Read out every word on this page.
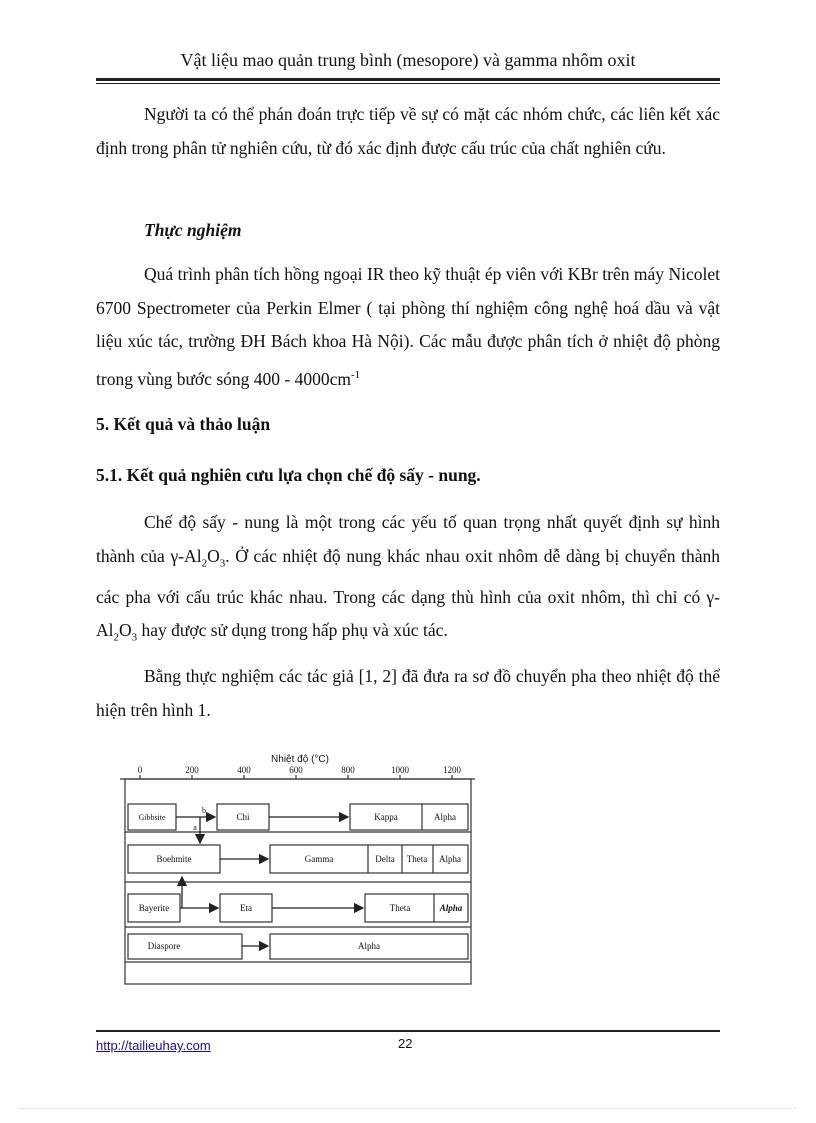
Vật liệu mao quản trung bình (mesopore) và gamma nhôm oxit
Người ta có thể phán đoán trực tiếp về sự có mặt các nhóm chức, các liên kết xác định trong phân tử nghiên cứu, từ đó xác định được cấu trúc của chất nghiên cứu.
Thực nghiệm
Quá trình phân tích hồng ngoại IR theo kỹ thuật ép viên với KBr trên máy Nicolet 6700 Spectrometer của Perkin Elmer ( tại phòng thí nghiệm công nghệ hoá dầu và vật liệu xúc tác, trường ĐH Bách khoa Hà Nội). Các mẫu được phân tích ở nhiệt độ phòng trong vùng bước sóng $400 - 4000cm^{-1}$
5. Kết quả và thảo luận
5.1. Kết quả nghiên cưu lựa chọn chế độ sấy - nung.
Chế độ sấy - nung là một trong các yếu tố quan trọng nhất quyết định sự hình thành của $\gamma-Al_2O_3$. Ở các nhiệt độ nung khác nhau oxit nhôm dễ dàng bị chuyển thành các pha với cấu trúc khác nhau. Trong các dạng thù hình của oxit nhôm, thì chỉ có $\gamma-Al_2O_3$ hay được sử dụng trong hấp phụ và xúc tác.
Bằng thực nghiệm các tác giả [1, 2] đã đưa ra sơ đồ chuyển pha theo nhiệt độ thể hiện trên hình 1.
Nhiệt độ (°C)
0	200	400	600	800	1000	1200
b
a
Gibbsite	Chi	Kappa	Alpha
Boehmite	Gamma	Delta Theta Alpha
Bayerite	Eta	Theta	Alpha
Diaspore	Alpha
http://tailieuhay.com	22
